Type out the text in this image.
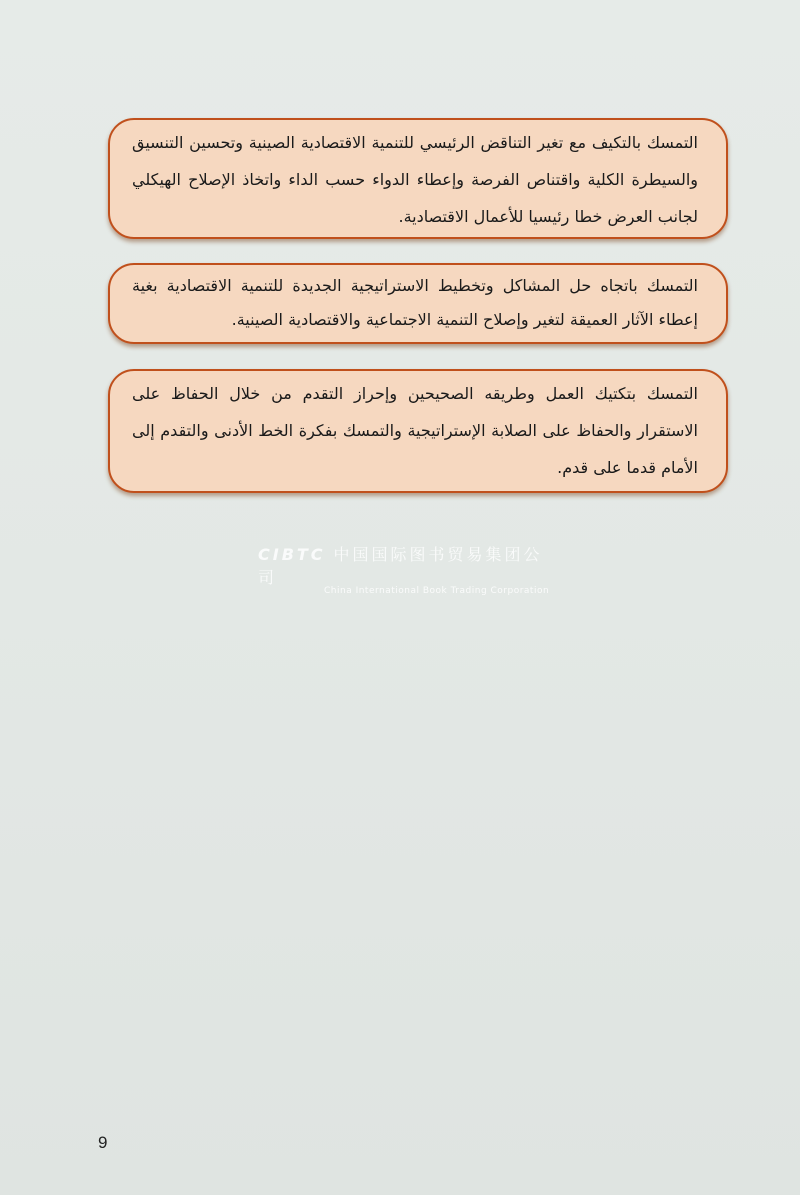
التمسك بالتكيف مع تغير التناقض الرئيسي للتنمية الاقتصادية الصينية وتحسين التنسيق والسيطرة الكلية واقتناص الفرصة وإعطاء الدواء حسب الداء واتخاذ الإصلاح الهيكلي لجانب العرض خطا رئيسيا للأعمال الاقتصادية.

التمسك باتجاه حل المشاكل وتخطيط الاستراتيجية الجديدة للتنمية الاقتصادية بغية إعطاء الآثار العميقة لتغير وإصلاح التنمية الاجتماعية والاقتصادية الصينية.

التمسك بتكتيك العمل وطريقه الصحيحين وإحراز التقدم من خلال الحفاظ على الاستقرار والحفاظ على الصلابة الإستراتيجية والتمسك بفكرة الخط الأدنى والتقدم إلى الأمام قدما على قدم.

CIBTC 中国国际图书贸易集团公司
China International Book Trading Corporation
9
